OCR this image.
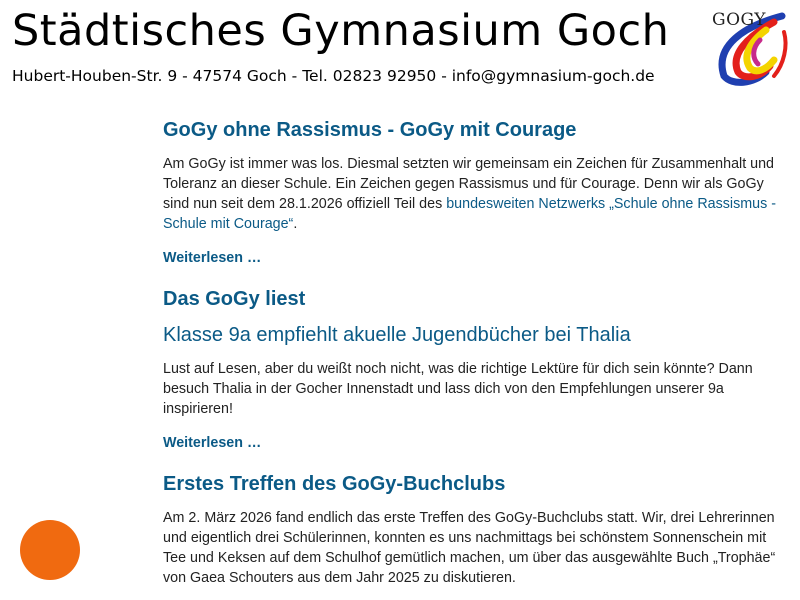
Städtisches Gymnasium Goch

Hubert-Houben-Str. 9 - 47574 Goch - Tel. 02823 92950 - info@gymnasium-goch.de

GOGY
GoGy ohne Rassismus - GoGy mit Courage

Am GoGy ist immer was los. Diesmal setzten wir gemeinsam ein Zeichen für Zusammenhalt und Toleranz an dieser Schule. Ein Zeichen gegen Rassismus und für Courage. Denn wir als GoGy sind nun seit dem 28.1.2026 offiziell Teil des bundesweiten Netzwerks „Schule ohne Rassismus - Schule mit Courage“.

Weiterlesen …
Das GoGy liest
Klasse 9a empfiehlt akuelle Jugendbücher bei Thalia

Lust auf Lesen, aber du weißt noch nicht, was die richtige Lektüre für dich sein könnte? Dann besuch Thalia in der Gocher Innenstadt und lass dich von den Empfehlungen unserer 9a inspirieren!

Weiterlesen …
Erstes Treffen des GoGy-Buchclubs

Am 2. März 2026 fand endlich das erste Treffen des GoGy-Buchclubs statt. Wir, drei Lehrerinnen und eigentlich drei Schülerinnen, konnten es uns nachmittags bei schönstem Sonnenschein mit Tee und Keksen auf dem Schulhof gemütlich machen, um über das ausgewählte Buch „Trophäe“ von Gaea Schouters aus dem Jahr 2025 zu diskutieren.
